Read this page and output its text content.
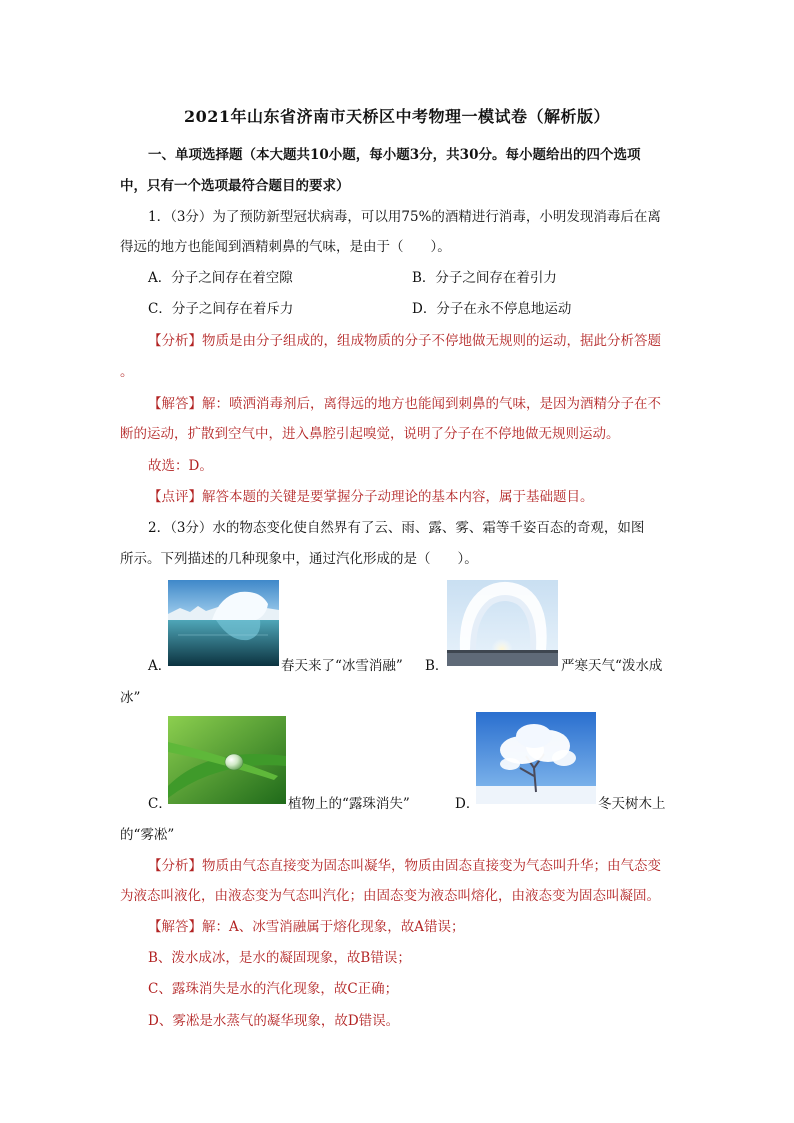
2021年山东省济南市天桥区中考物理一模试卷（解析版）
一、单项选择题（本大题共10小题，每小题3分，共30分。每小题给出的四个选项
中，只有一个选项最符合题目的要求）
1．（3分）为了预防新型冠状病毒，可以用75%的酒精进行消毒，小明发现消毒后在离
得远的地方也能闻到酒精刺鼻的气味，是由于（　　）。
A．分子之间存在着空隙	B．分子之间存在着引力
C．分子之间存在着斥力	D．分子在永不停息地运动
【分析】物质是由分子组成的，组成物质的分子不停地做无规则的运动，据此分析答题
。
【解答】解：喷洒消毒剂后，离得远的地方也能闻到刺鼻的气味，是因为酒精分子在不
断的运动，扩散到空气中，进入鼻腔引起嗅觉，说明了分子在不停地做无规则运动。
故选：D。
【点评】解答本题的关键是要掌握分子动理论的基本内容，属于基础题目。
2．（3分）水的物态变化使自然界有了云、雨、露、雾、霜等千姿百态的奇观，如图
所示。下列描述的几种现象中，通过汽化形成的是（　　）。
A．	春天来了“冰雪消融” B．	严寒天气“泼水成
冰”
C．	植物上的“露珠消失”	D．	冬天树木上
的“雾凇”
【分析】物质由气态直接变为固态叫凝华，物质由固态直接变为气态叫升华；由气态变
为液态叫液化，由液态变为气态叫汽化；由固态变为液态叫熔化，由液态变为固态叫凝固。
【解答】解：A、冰雪消融属于熔化现象，故A错误；
B、泼水成冰，是水的凝固现象，故B错误；
C、露珠消失是水的汽化现象，故C正确；
D、雾凇是水蒸气的凝华现象，故D错误。
